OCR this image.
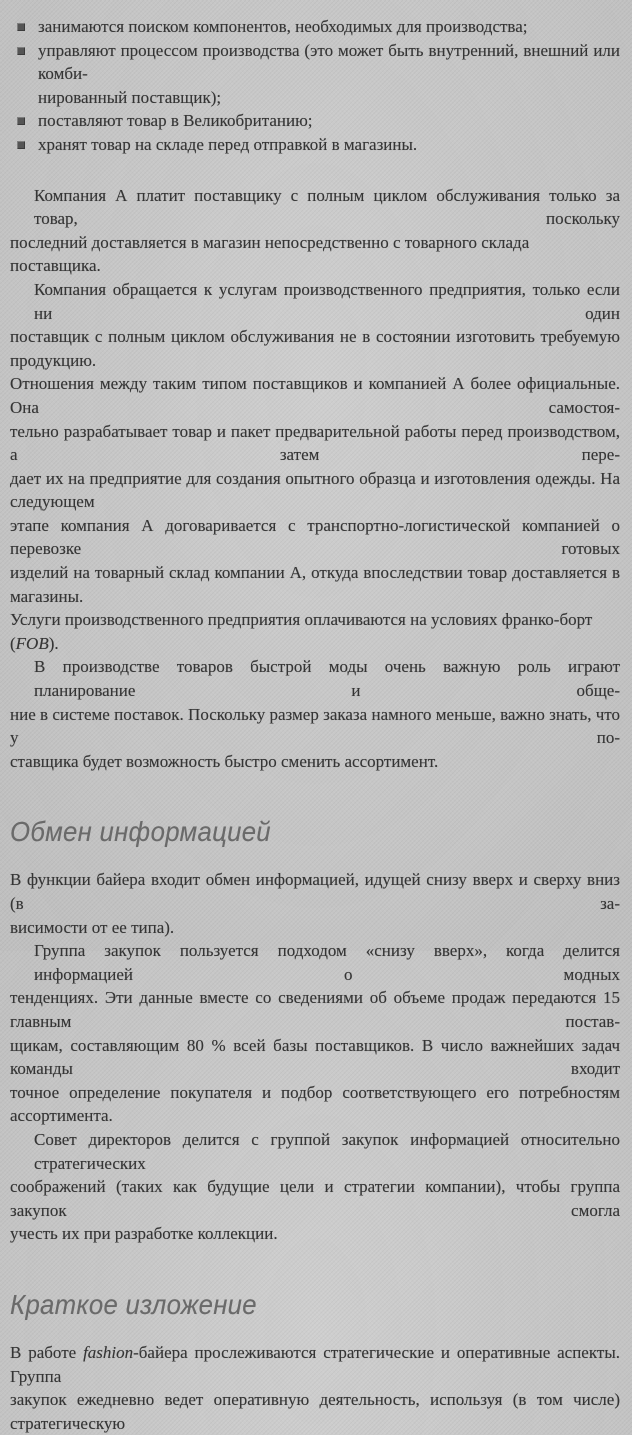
занимаются поиском компонентов, необходимых для производства;
управляют процессом производства (это может быть внутренний, внешний или комби-
нированный поставщик);
поставляют товар в Великобританию;
хранят товар на складе перед отправкой в магазины.
Компания А платит поставщику с полным циклом обслуживания только за товар, поскольку
последний доставляется в магазин непосредственно с товарного склада поставщика.
Компания обращается к услугам производственного предприятия, только если ни один
поставщик с полным циклом обслуживания не в состоянии изготовить требуемую продукцию.
Отношения между таким типом поставщиков и компанией А более официальные. Она самостоя-
тельно разрабатывает товар и пакет предварительной работы перед производством, а затем пере-
дает их на предприятие для создания опытного образца и изготовления одежды. На следующем
этапе компания А договаривается с транспортно-логистической компанией о перевозке готовых
изделий на товарный склад компании А, откуда впоследствии товар доставляется в магазины.
Услуги производственного предприятия оплачиваются на условиях франко-борт (FOB).
В производстве товаров быстрой моды очень важную роль играют планирование и обще-
ние в системе поставок. Поскольку размер заказа намного меньше, важно знать, что у по-
ставщика будет возможность быстро сменить ассортимент.
Обмен информацией
В функции байера входит обмен информацией, идущей снизу вверх и сверху вниз (в за-
висимости от ее типа).
Группа закупок пользуется подходом «снизу вверх», когда делится информацией о модных
тенденциях. Эти данные вместе со сведениями об объеме продаж передаются 15 главным постав-
щикам, составляющим 80 % всей базы поставщиков. В число важнейших задач команды входит
точное определение покупателя и подбор соответствующего его потребностям ассортимента.
Совет директоров делится с группой закупок информацией относительно стратегических
соображений (таких как будущие цели и стратегии компании), чтобы группа закупок смогла
учесть их при разработке коллекции.
Краткое изложение
В работе fashion-байера прослеживаются стратегические и оперативные аспекты. Группа
закупок ежедневно ведет оперативную деятельность, используя (в том числе) стратегическую
